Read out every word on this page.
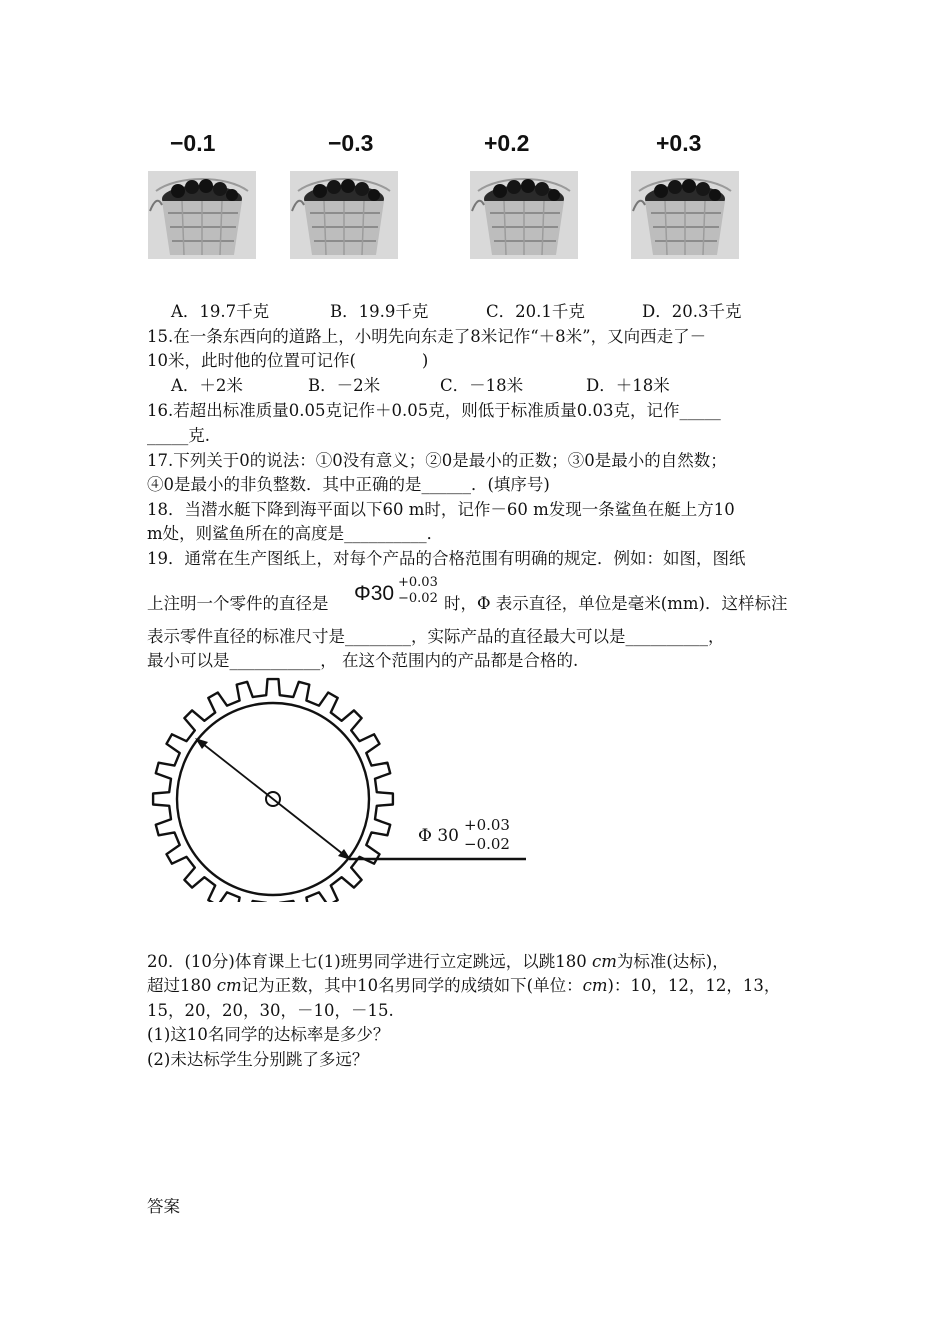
−0.1	−0.3	+0.2	+0.3
A．19.7千克	B．19.9千克	C．20.1千克	D．20.3千克
15.在一条东西向的道路上，小明先向东走了8米记作“＋8米”，又向西走了－
10米，此时他的位置可记作(　　　　)
A．＋2米	B．－2米	C．－18米	D．＋18米
16.若超出标准质量0.05克记作＋0.05克，则低于标准质量0.03克，记作_____
_____克.
17.下列关于0的说法：①0没有意义；②0是最小的正数；③0是最小的自然数；
④0是最小的非负整数．其中正确的是______．(填序号)
18．当潜水艇下降到海平面以下60 m时，记作－60 m发现一条鲨鱼在艇上方10
m处，则鲨鱼所在的高度是__________．
19．通常在生产图纸上，对每个产品的合格范围有明确的规定．例如：如图，图纸
上注明一个零件的直径是 Φ30 +0.03
−0.02 时，Φ 表示直径，单位是毫米(mm)．这样标注
表示零件直径的标准尺寸是________，实际产品的直径最大可以是__________，
最小可以是___________， 在这个范围内的产品都是合格的.
Φ 30
+0.03
−0.02
20．(10分)体育课上七(1)班男同学进行立定跳远，以跳180 cm为标准(达标)，
超过180 cm记为正数，其中10名男同学的成绩如下(单位：cm)：10，12，12，13，
15，20，20，30，－10，－15.
(1)这10名同学的达标率是多少？
(2)未达标学生分别跳了多远？
答案
